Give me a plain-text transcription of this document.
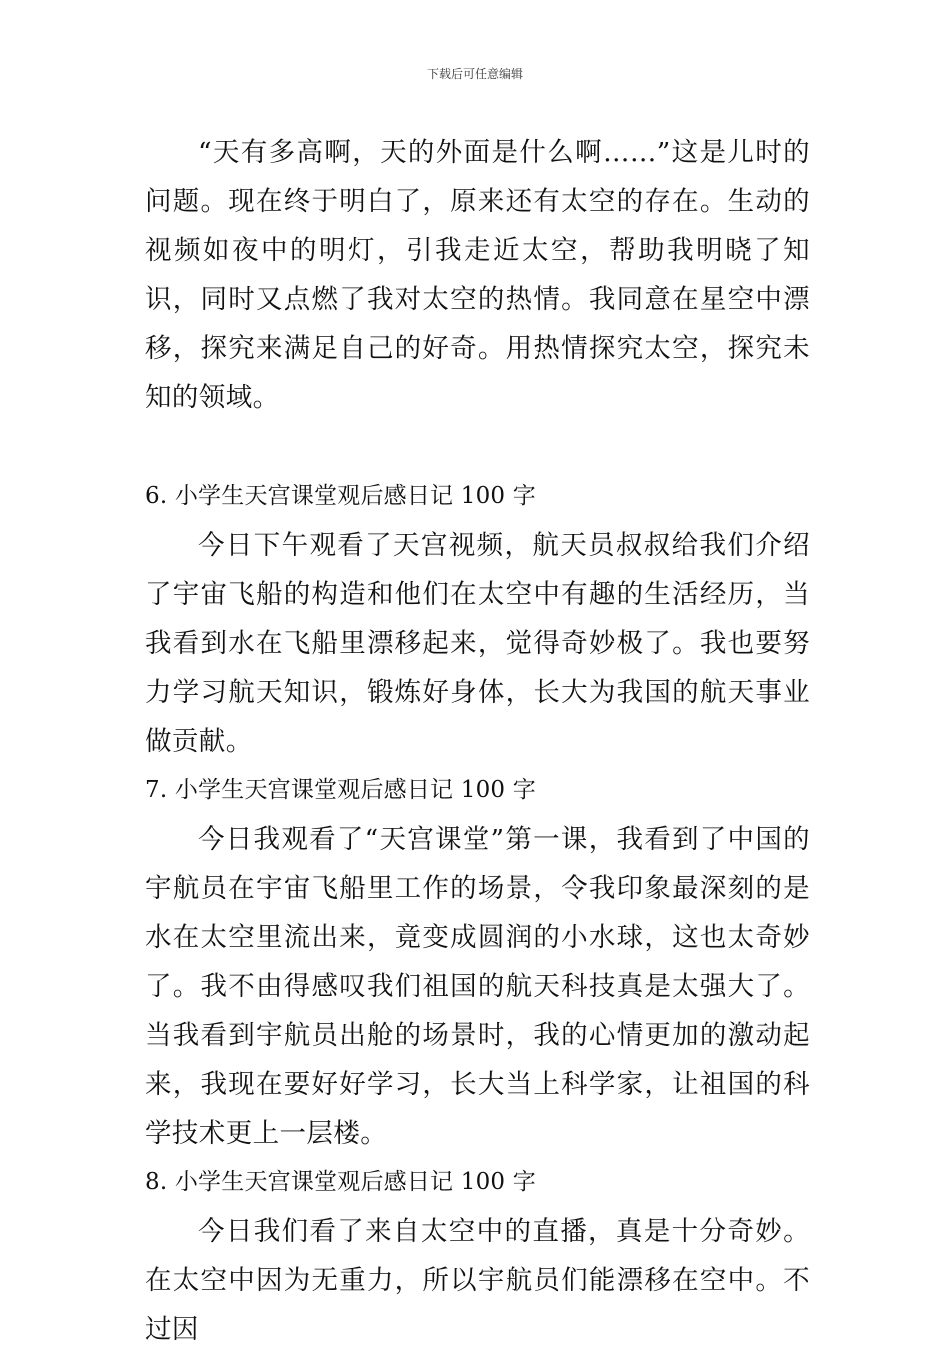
下载后可任意编辑

“天有多高啊，天的外面是什么啊……”这是儿时的问题。现在终于明白了，原来还有太空的存在。生动的视频如夜中的明灯，引我走近太空，帮助我明晓了知识，同时又点燃了我对太空的热情。我同意在星空中漂移，探究来满足自己的好奇。用热情探究太空，探究未知的领域。

6. 小学生天宫课堂观后感日记 100 字

今日下午观看了天宫视频，航天员叔叔给我们介绍了宇宙飞船的构造和他们在太空中有趣的生活经历，当我看到水在飞船里漂移起来，觉得奇妙极了。我也要努力学习航天知识，锻炼好身体，长大为我国的航天事业做贡献。

7. 小学生天宫课堂观后感日记 100 字

今日我观看了“天宫课堂”第一课，我看到了中国的宇航员在宇宙飞船里工作的场景，令我印象最深刻的是水在太空里流出来，竟变成圆润的小水球，这也太奇妙了。我不由得感叹我们祖国的航天科技真是太强大了。当我看到宇航员出舱的场景时，我的心情更加的激动起来，我现在要好好学习，长大当上科学家，让祖国的科学技术更上一层楼。

8. 小学生天宫课堂观后感日记 100 字

今日我们看了来自太空中的直播，真是十分奇妙。在太空中因为无重力，所以宇航员们能漂移在空中。不过因
